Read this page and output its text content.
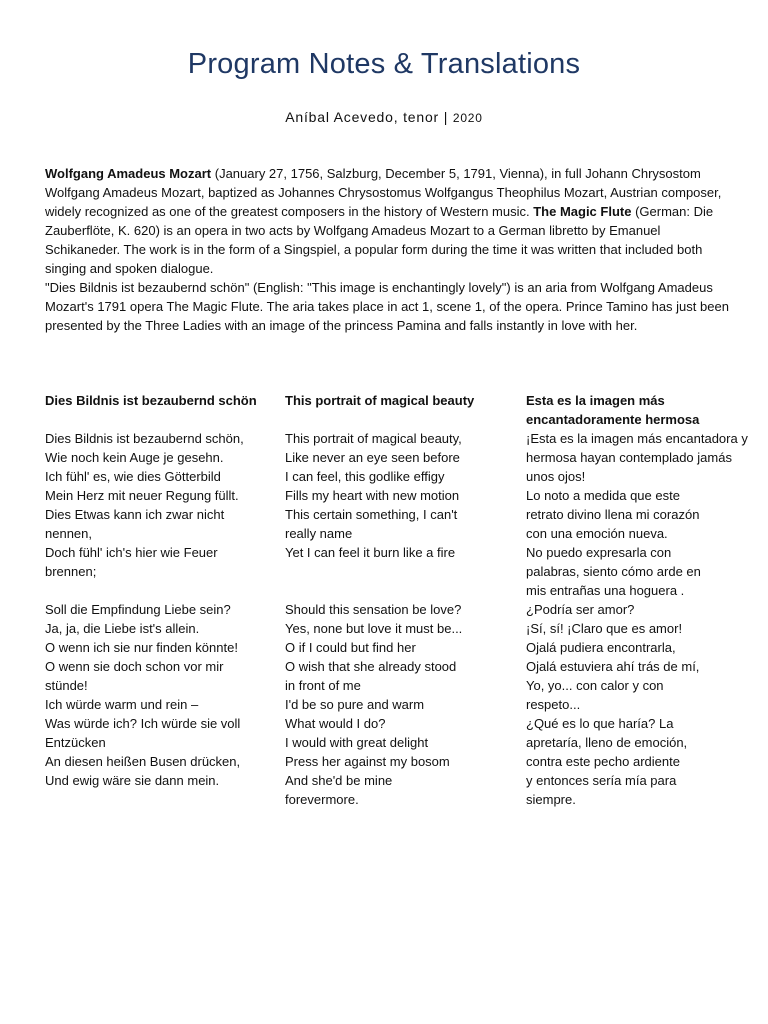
Program Notes & Translations
Aníbal Acevedo, tenor | 2020

Wolfgang Amadeus Mozart (January 27, 1756, Salzburg, December 5, 1791, Vienna), in full Johann Chrysostom Wolfgang Amadeus Mozart, baptized as Johannes Chrysostomus Wolfgangus Theophilus Mozart, Austrian composer, widely recognized as one of the greatest composers in the history of Western music. The Magic Flute (German: Die Zauberflöte, K. 620) is an opera in two acts by Wolfgang Amadeus Mozart to a German libretto by Emanuel Schikaneder. The work is in the form of a Singspiel, a popular form during the time it was written that included both singing and spoken dialogue.

"Dies Bildnis ist bezaubernd schön" (English: "This image is enchantingly lovely") is an aria from Wolfgang Amadeus Mozart's 1791 opera The Magic Flute. The aria takes place in act 1, scene 1, of the opera. Prince Tamino has just been presented by the Three Ladies with an image of the princess Pamina and falls instantly in love with her.

Dies Bildnis ist bezaubernd schön
Dies Bildnis ist bezaubernd schön,
Wie noch kein Auge je gesehn.
Ich fühl' es, wie dies Götterbild
Mein Herz mit neuer Regung füllt.
Dies Etwas kann ich zwar nicht
nennen,
Doch fühl' ich's hier wie Feuer
brennen;
Soll die Empfindung Liebe sein?
Ja, ja, die Liebe ist's allein.
O wenn ich sie nur finden könnte!
O wenn sie doch schon vor mir
stünde!
Ich würde warm und rein –
Was würde ich? Ich würde sie voll
Entzücken
An diesen heißen Busen drücken,
Und ewig wäre sie dann mein.
This portrait of magical beauty
This portrait of magical beauty,
Like never an eye seen before
I can feel, this godlike effigy
Fills my heart with new motion
This certain something, I can't
really name
Yet I can feel it burn like a fire
Should this sensation be love?
Yes, none but love it must be...
O if I could but find her
O wish that she already stood
in front of me
I'd be so pure and warm
What would I do?
I would with great delight
Press her against my bosom
And she'd be mine
forevermore.
Esta es la imagen más
encantadoramente hermosa
¡Esta es la imagen más encantadora y
hermosa hayan contemplado jamás
unos ojos!
Lo noto a medida que este
retrato divino llena mi corazón
con una emoción nueva.
No puedo expresarla con
palabras, siento cómo arde en
mis entrañas una hoguera .
¿Podría ser amor?
¡Sí, sí! ¡Claro que es amor!
Ojalá pudiera encontrarla,
Ojalá estuviera ahí trás de mí,
Yo, yo... con calor y con
respeto...
¿Qué es lo que haría? La
apretaría, lleno de emoción,
contra este pecho ardiente
y entonces sería mía para
siempre.
